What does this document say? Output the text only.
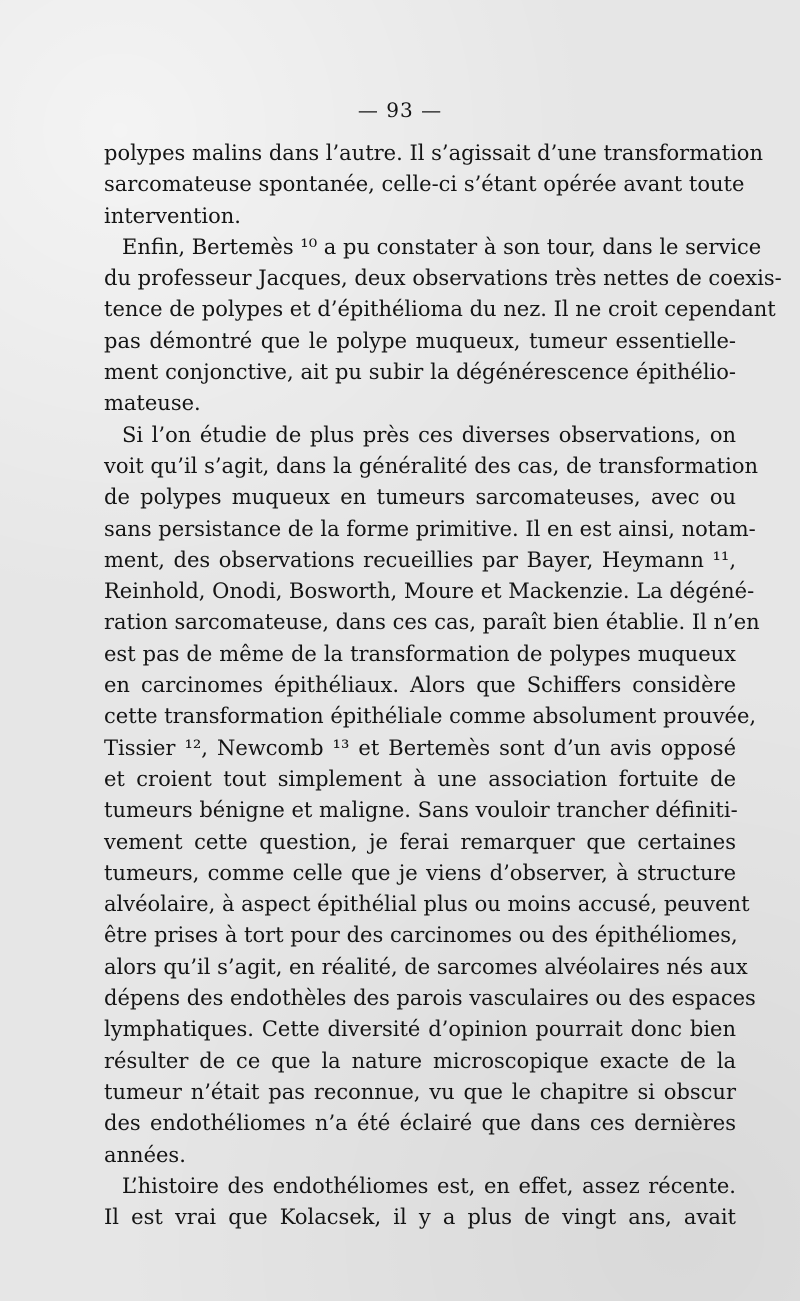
— 93 —
polypes malins dans l’autre. Il s’agissait d’une transformation
sarcomateuse spontanée, celle-ci s’étant opérée avant toute
intervention.
Enfin, Bertemès ¹⁰ a pu constater à son tour, dans le service
du professeur Jacques, deux observations très nettes de coexis-
tence de polypes et d’épithélioma du nez. Il ne croit cependant
pas démontré que le polype muqueux, tumeur essentielle-
ment conjonctive, ait pu subir la dégénérescence épithélio-
mateuse.
Si l’on étudie de plus près ces diverses observations, on
voit qu’il s’agit, dans la généralité des cas, de transformation
de polypes muqueux en tumeurs sarcomateuses, avec ou
sans persistance de la forme primitive. Il en est ainsi, notam-
ment, des observations recueillies par Bayer, Heymann ¹¹,
Reinhold, Onodi, Bosworth, Moure et Mackenzie. La dégéné-
ration sarcomateuse, dans ces cas, paraît bien établie. Il n’en
est pas de même de la transformation de polypes muqueux
en carcinomes épithéliaux. Alors que Schiffers considère
cette transformation épithéliale comme absolument prouvée,
Tissier ¹², Newcomb ¹³ et Bertemès sont d’un avis opposé
et croient tout simplement à une association fortuite de
tumeurs bénigne et maligne. Sans vouloir trancher définiti-
vement cette question, je ferai remarquer que certaines
tumeurs, comme celle que je viens d’observer, à structure
alvéolaire, à aspect épithélial plus ou moins accusé, peuvent
être prises à tort pour des carcinomes ou des épithéliomes,
alors qu’il s’agit, en réalité, de sarcomes alvéolaires nés aux
dépens des endothèles des parois vasculaires ou des espaces
lymphatiques. Cette diversité d’opinion pourrait donc bien
résulter de ce que la nature microscopique exacte de la
tumeur n’était pas reconnue, vu que le chapitre si obscur
des endothéliomes n’a été éclairé que dans ces dernières
années.
L’histoire des endothéliomes est, en effet, assez récente.
Il est vrai que Kolacsek, il y a plus de vingt ans, avait
